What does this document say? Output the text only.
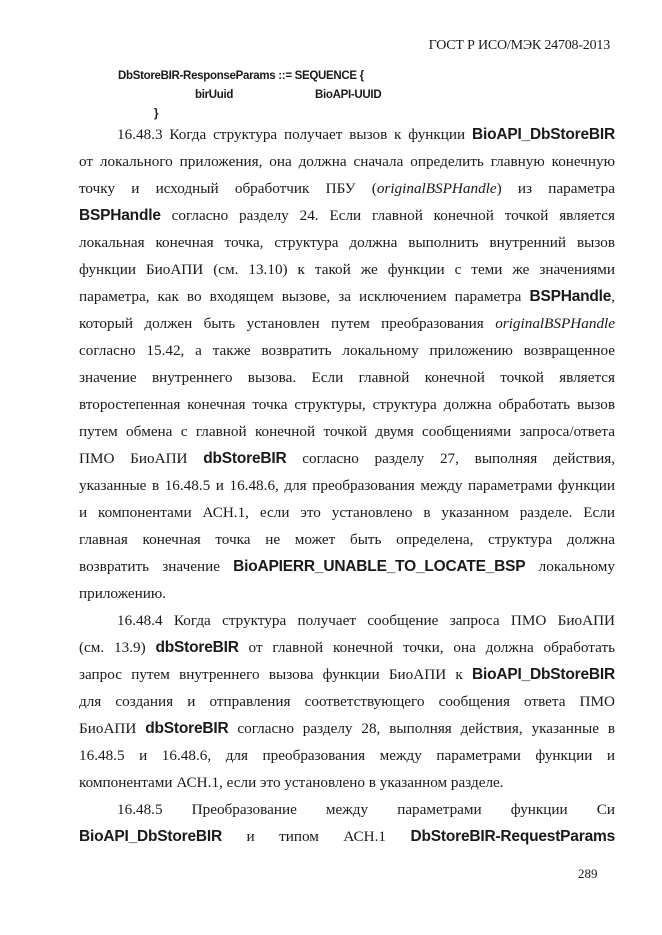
ГОСТ Р ИСО/МЭК 24708-2013
DbStoreBIR-ResponseParams ::= SEQUENCE {
birUuid	BioAPI-UUID
}
16.48.3 Когда структура получает вызов к функции BioAPI_DbStoreBIR
от локального приложения, она должна сначала определить главную конечную
точку и исходный обработчик ПБУ (originalBSPHandle) из параметра
BSPHandle согласно разделу 24. Если главной конечной точкой является
локальная конечная точка, структура должна выполнить внутренний вызов
функции БиоАПИ (см. 13.10) к такой же функции с теми же значениями
параметра, как во входящем вызове, за исключением параметра BSPHandle,
который должен быть установлен путем преобразования originalBSPHandle
согласно 15.42, а также возвратить локальному приложению возвращенное
значение внутреннего вызова. Если главной конечной точкой является
второстепенная конечная точка структуры, структура должна обработать вызов
путем обмена с главной конечной точкой двумя сообщениями запроса/ответа
ПМО БиоАПИ dbStoreBIR согласно разделу 27, выполняя действия,
указанные в 16.48.5 и 16.48.6, для преобразования между параметрами функции
и компонентами АСН.1, если это установлено в указанном разделе. Если
главная конечная точка не может быть определена, структура должна
возвратить значение BioAPIERR_UNABLE_TO_LOCATE_BSP локальному
приложению.
16.48.4 Когда структура получает сообщение запроса ПМО БиоАПИ
(см. 13.9) dbStoreBIR от главной конечной точки, она должна обработать
запрос путем внутреннего вызова функции БиоАПИ к BioAPI_DbStoreBIR
для создания и отправления соответствующего сообщения ответа ПМО
БиоАПИ dbStoreBIR согласно разделу 28, выполняя действия, указанные в
16.48.5 и 16.48.6, для преобразования между параметрами функции и
компонентами АСН.1, если это установлено в указанном разделе.
16.48.5 Преобразование между параметрами функции Си
BioAPI_DbStoreBIR и типом АСН.1 DbStoreBIR-RequestParams
289
